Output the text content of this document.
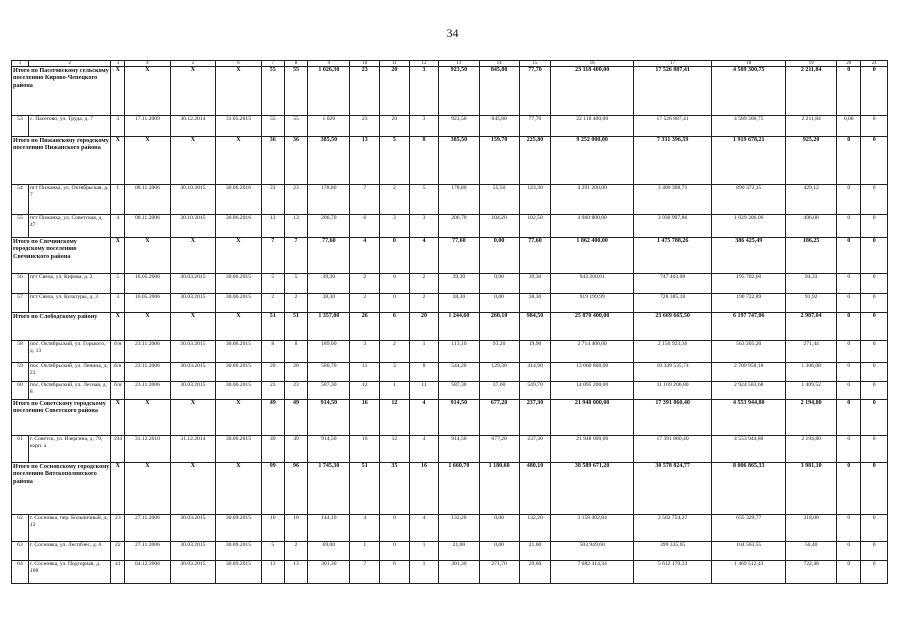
34
1	2	3	4	5	6	7	8	9	10	11	12	13	14	15	16	17	18	19	20	21
Итого по Пасеговскому сельскому поселению Кирово-Чепецкого района		X	X	X	X	55	55	1 026,30	23	20	3	923,50	845,80	77,70	23 118 400,00	17 526 887,41	4 589 300,75	2 211,84	0	0
53	с. Пасегово, ул. Труда, д. 7	3	17.11.2009	30.12.2014	31.05.2015	55	55	1 026	23	20	3	923,50	845,80	77,70	22 118 400,00	17 526 887,41	4 589 300,75	2 211,84	0,00	0
Итого по Пижанскому городскому поселению Пижанского района		X	X	X	X	36	36	385,50	13	5	8	385,50	159,70	225,80	9 252 000,00	7 331 396,59	1 919 678,21	925,20	0	0
54	пгт Пижанка, ул. Октябрьская, д. 7	1	08.11.2006	30.10.2015	30.06.2016	23	23	178,80	7	2	5	178,80	55,50	123,30	4 291 200,00	3 400 398,73	890 372,15	429,12	0	0
55	пгт Пижанка, ул. Советская, д. 47	4	08.11.2006	30.10.2015	30.06.2016	13	13	206,70	6	3	3	206,70	104,20	102,50	4 960 800,00	3 930 997,86	1 029 306,06	496,08	0	0
Итого по Свечинскому городскому поселению Свечинского района		X	X	X	X	7	7	77,60	4	0	4	77,60	0,00	77,60	1 862 400,00	1 475 788,26	386 425,49	186,25	0	0
56	пгт Свеча, ул. Кирова, д. 2	5	16.05.2006	30.03.2015	30.06.2015	5	5	39,30	2	0	2	39,30	0,00	39,30	943 200,01	747 403,08	195 702,60	94,33	0	0
57	пгт Свеча, ул. Культуры, д. 3	3	16.05.2006	30.03.2015	30.06.2015	2	2	38,30	2	0	2	38,30	0,00	38,30	919 199,99	728 385,18	190 722,89	91,92	0	0
Итого по Слободскому району		X	X	X	X	51	51	1 357,00	26	6	20	1 244,60	260,10	984,50	25 870 400,00	23 669 665,50	6 197 747,06	2 987,04	0	0
58	пос. Октябрьский, ул. Горького, д. 13	б/н	23.11.2006	30.03.2015	30.06.2015	8	8	189,00	3	2	1	113,10	93,20	19,90	2 714 400,00	2 150 923,36	563 205,20	271,44	0	0
59	пос. Октябрьский, ул. Ленина, д. 23	б/н	23.11.2006	30.03.2015	30.06.2015	20	20	580,70	11	3	8	544,20	129,30	414,90	13 060 800,00	10 349 535,74	2 709 958,18	1 306,08	0	0
60	пос. Октябрьский, ул. Лесная, д. 8	б/н	23.11.2006	30.03.2015	30.06.2015	23	23	587,30	12	1	11	587,30	37,60	549,70	14 095 200,00	11 169 206,80	2 924 583,68	1 409,52	0	0
Итого по Советскому городскому поселению Советского района		X	X	X	X	49	49	914,50	16	12	4	914,50	677,20	237,30	21 948 000,00	17 391 860,40	4 553 944,80	2 194,80	0	0
61	г. Советск, ул. Изергина, д. 79, корп. а	194	31.12.2010	31.12.2014	30.06.2015	49	49	914,50	16	12	4	914,50	677,20	237,30	21 948 000,00	17 391 860,40	4 553 944,80	2 194,80	0	0
Итого по Сосновскому городскому поселению Вятскополянского района		X	X	X	X	99	96	1 745,30	51	35	16	1 660,70	1 180,60	480,10	38 589 671,20	30 578 824,77	8 006 865,33	3 981,10	0	0
62	г. Сосновка, пер. Больничный, д. 12	23	27.11.2006	30.03.2015	30.09.2015	10	10	144,10	4	0	4	132,20	0,00	132,20	3 158 402,04	2 502 754,27	655 329,77	318,00	0	0
63	г. Сосновка, ул. Леспбзес, д. 6	22	27.11.2006	30.03.2015	30.09.2015	5	2	69,00	1	0	1	21,00	0,00	21,00	503 949,60	399 335,65	104 563,55	50,40	0	0
64	г. Сосновка, ул. Подгорная, д. 108	41	04.12.2006	30.03.2015	30.09.2015	13	13	301,30	7	6	1	301,30	271,70	29,60	7 082 414,34	5 612 179,33	1 469 512,43	722,48	0	0
